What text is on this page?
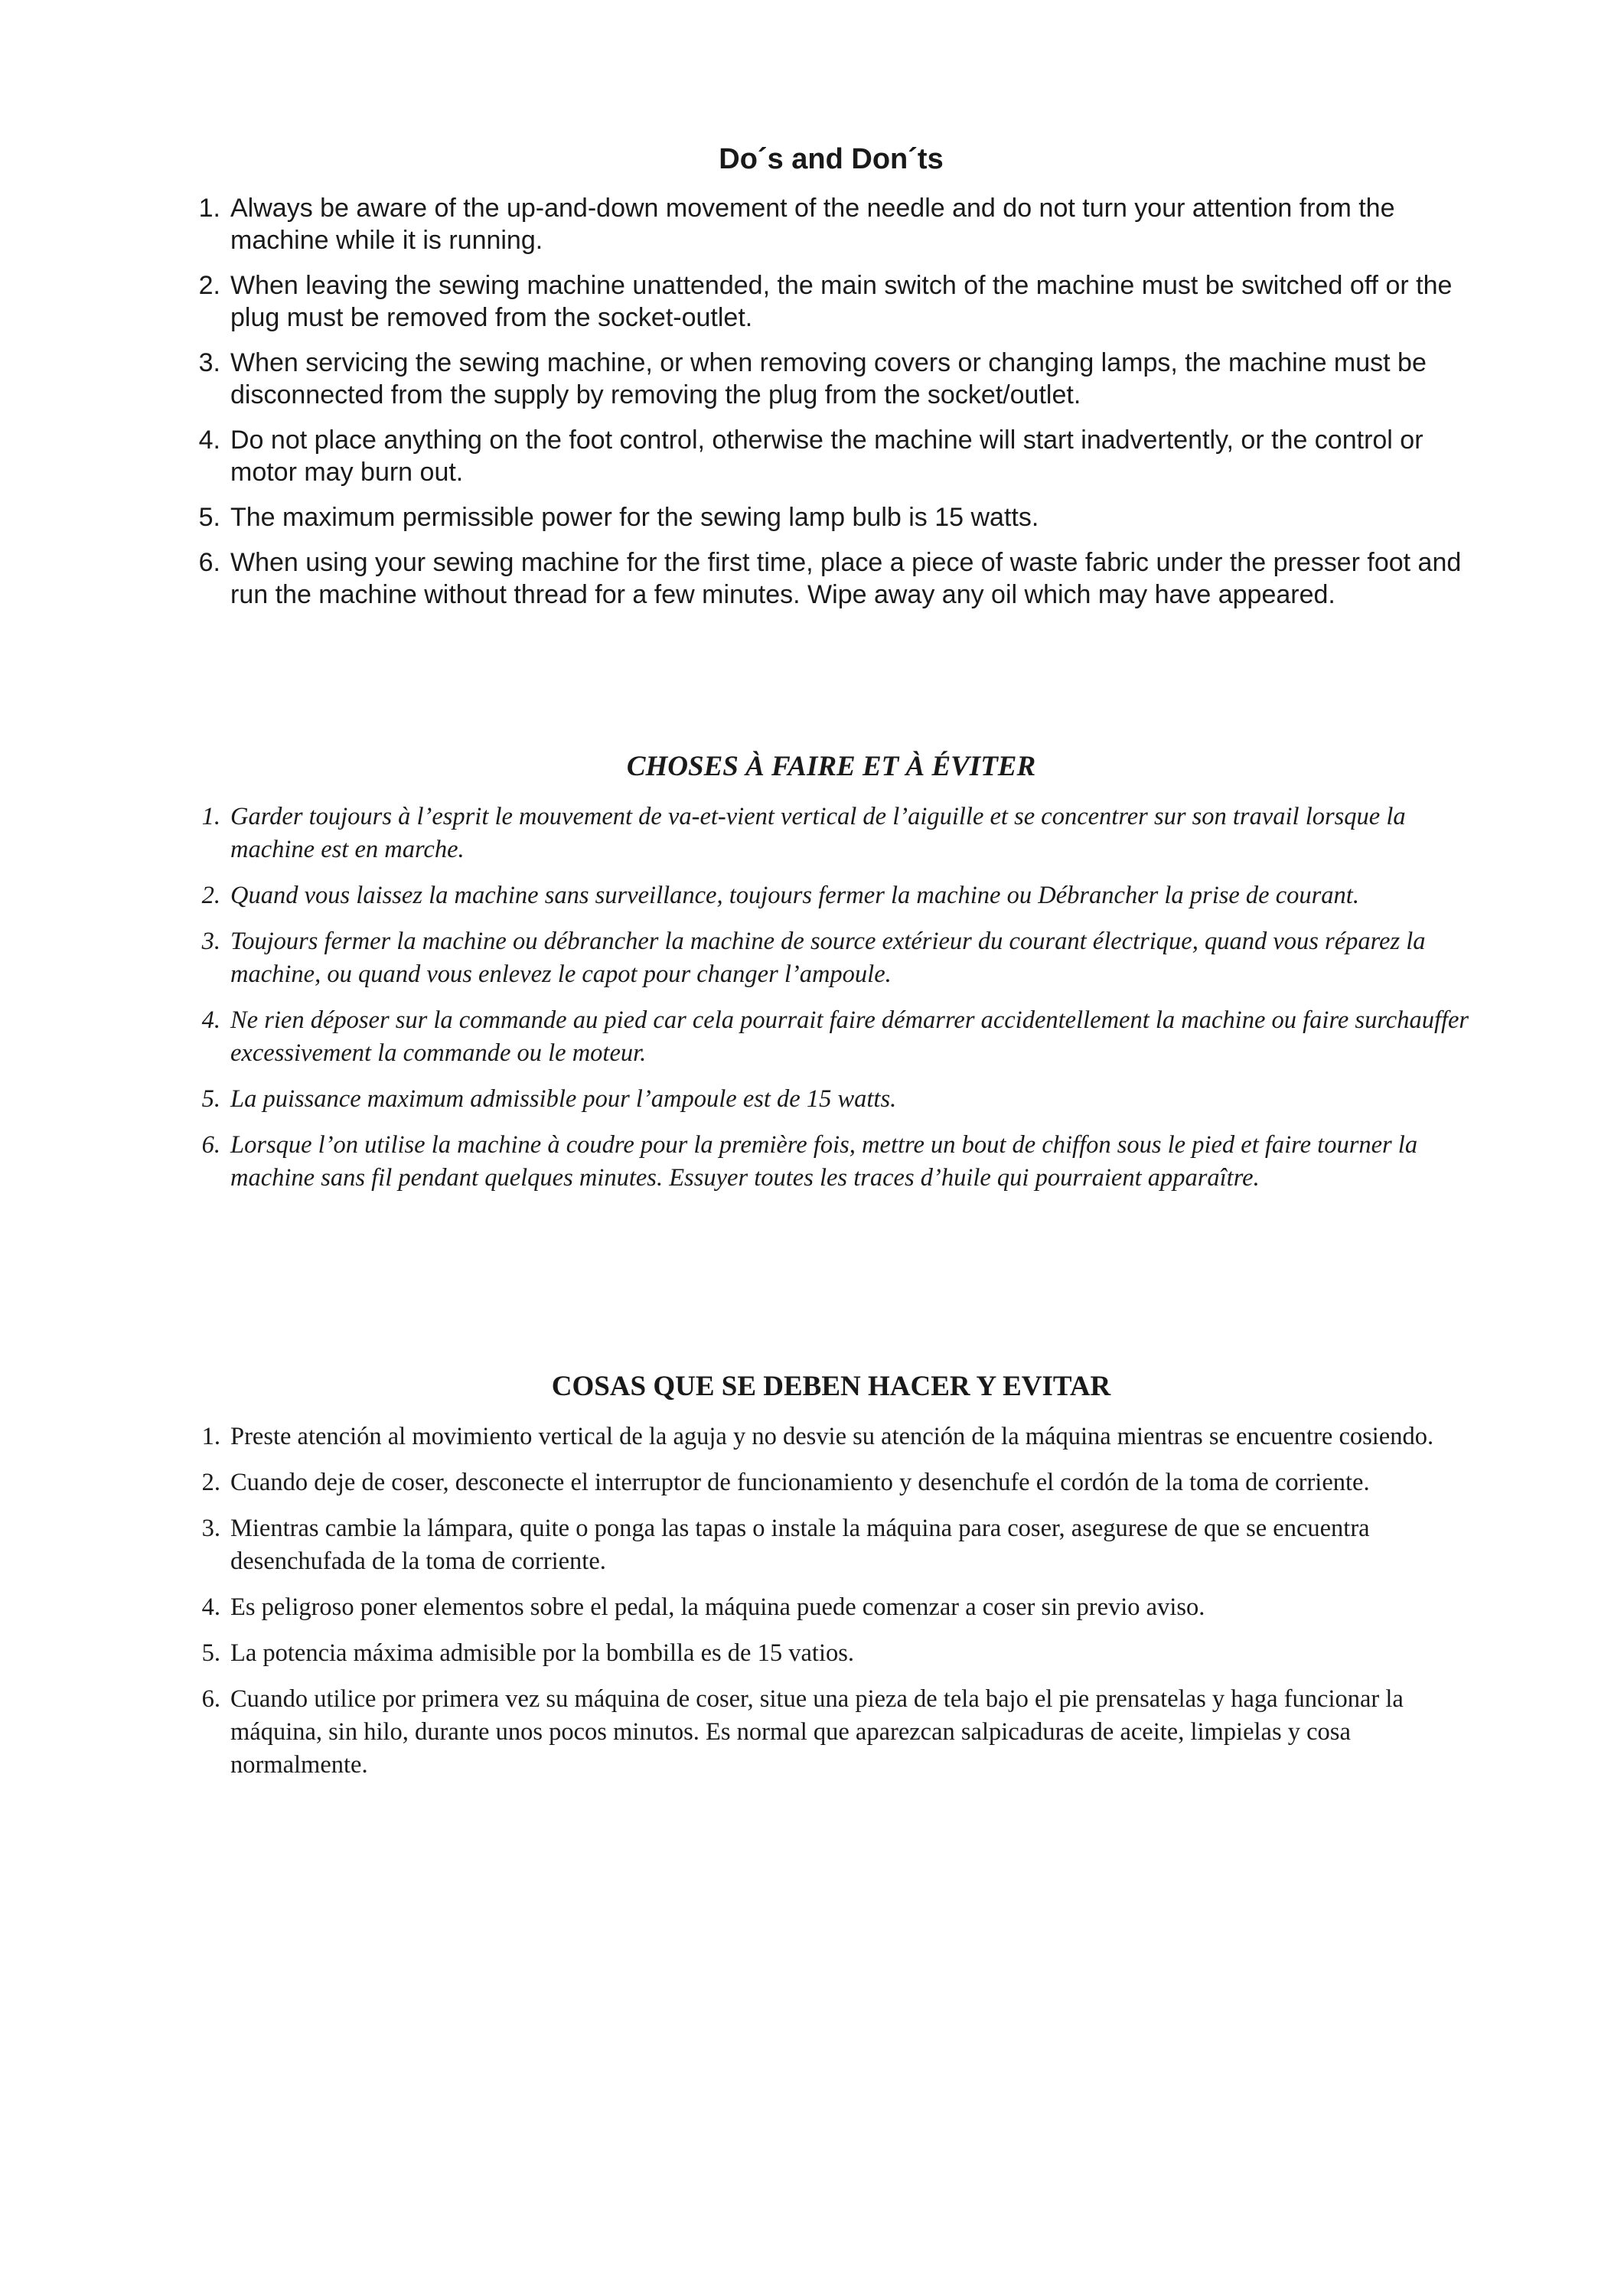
Do´s and Don´ts
1. Always be aware of the up-and-down movement of the needle and do not turn your attention from the machine while it is running.
2. When leaving the sewing machine unattended, the main switch of the machine must be switched off or the plug must be removed from the socket-outlet.
3. When servicing the sewing machine, or when removing covers or changing lamps, the machine must be disconnected from the supply by removing the plug from the socket/outlet.
4. Do not place anything on the foot control, otherwise the machine will start inadvertently, or the control or motor may burn out.
5. The maximum permissible power for the sewing lamp bulb is 15 watts.
6. When using your sewing machine for the first time, place a piece of waste fabric under the presser foot and run the machine without thread for a few minutes. Wipe away any oil which may have appeared.
CHOSES À FAIRE ET À ÉVITER
1. Garder toujours à l’esprit le mouvement de va-et-vient vertical de l’aiguille et se concentrer sur son travail lorsque la machine est en marche.
2. Quand vous laissez la machine sans surveillance, toujours fermer la machine ou Débrancher la prise de courant.
3. Toujours fermer la machine ou débrancher la machine de source extérieur du courant électrique, quand vous réparez la machine, ou quand vous enlevez le capot pour changer l’ampoule.
4. Ne rien déposer sur la commande au pied car cela pourrait faire démarrer accidentellement la machine ou faire surchauffer excessivement la commande ou le moteur.
5. La puissance maximum admissible pour l’ampoule est de 15 watts.
6. Lorsque l’on utilise la machine à coudre pour la première fois, mettre un bout de chiffon sous le pied et faire tourner la machine sans fil pendant quelques minutes. Essuyer toutes les traces d’huile qui pourraient apparaître.
COSAS QUE SE DEBEN HACER Y EVITAR
1. Preste atención al movimiento vertical de la aguja y no desvie su atención de la máquina mientras se encuentre cosiendo.
2. Cuando deje de coser, desconecte el interruptor de funcionamiento y desenchufe el cordón de la toma de corriente.
3. Mientras cambie la lámpara, quite o ponga las tapas o instale la máquina para coser, asegurese de que se encuentra desenchufada de la toma de corriente.
4. Es peligroso poner elementos sobre el pedal, la máquina puede comenzar a coser sin previo aviso.
5. La potencia máxima admisible por la bombilla es de 15 vatios.
6. Cuando utilice por primera vez su máquina de coser, situe una pieza de tela bajo el pie prensatelas y haga funcionar la máquina, sin hilo, durante unos pocos minutos. Es normal que aparezcan salpicaduras de aceite, limpielas y cosa normalmente.
